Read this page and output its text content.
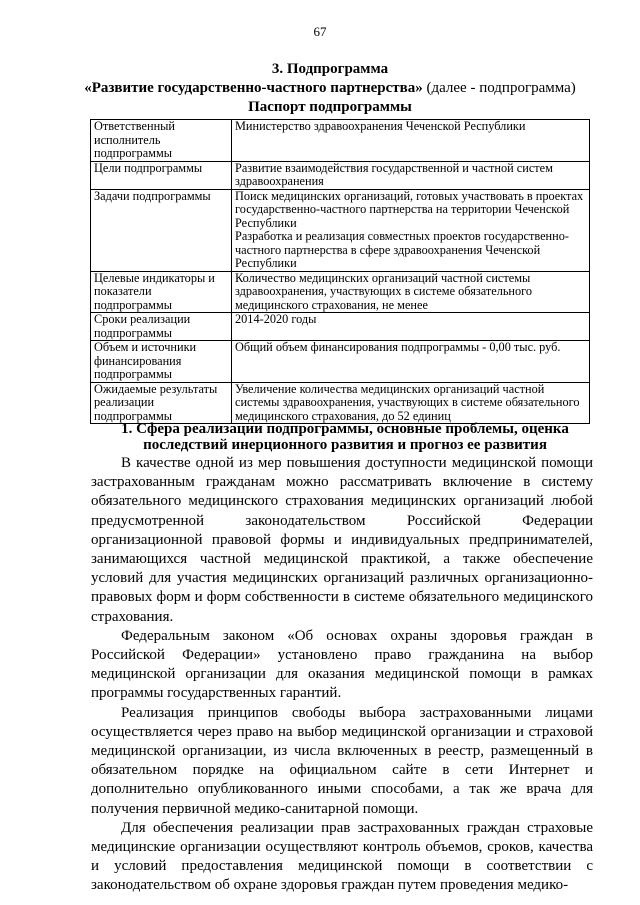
67
3. Подпрограмма
«Развитие государственно-частного партнерства» (далее - подпрограмма)
Паспорт подпрограммы
Ответственный исполнитель подпрограммы	Министерство здравоохранения Чеченской Республики
Цели подпрограммы	Развитие взаимодействия государственной и частной систем здравоохранения
Задачи подпрограммы	Поиск медицинских организаций, готовых участвовать в проектах государственно-частного партнерства на территории Чеченской Республики
Разработка и реализация совместных проектов государственно-частного партнерства в сфере здравоохранения Чеченской Республики

Целевые индикаторы и показатели подпрограммы	Количество медицинских организаций частной системы здравоохранения, участвующих в системе обязательного медицинского страхования, не менее
Сроки реализации подпрограммы	2014-2020 годы
Объем и источники финансирования подпрограммы	Общий объем финансирования подпрограммы - 0,00 тыс. руб.
Ожидаемые результаты реализации подпрограммы	Увеличение количества медицинских организаций частной системы здравоохранения, участвующих в системе обязательного медицинского страхования, до 52 единиц
1. Сфера реализации подпрограммы, основные проблемы, оценка последствий инерционного развития и прогноз ее развития

В качестве одной из мер повышения доступности медицинской помощи застрахованным гражданам можно рассматривать включение в систему обязательного медицинского страхования медицинских организаций любой предусмотренной законодательством Российской Федерации организационной правовой формы и индивидуальных предпринимателей, занимающихся частной медицинской практикой, а также обеспечение условий для участия медицинских организаций различных организационно-правовых форм и форм собственности в системе обязательного медицинского страхования.

Федеральным законом «Об основах охраны здоровья граждан в Российской Федерации» установлено право гражданина на выбор медицинской организации для оказания медицинской помощи в рамках программы государственных гарантий.

Реализация принципов свободы выбора застрахованными лицами осуществляется через право на выбор медицинской организации и страховой медицинской организации, из числа включенных в реестр, размещенный в обязательном порядке на официальном сайте в сети Интернет и дополнительно опубликованного иными способами, а так же врача для получения первичной медико-санитарной помощи.

Для обеспечения реализации прав застрахованных граждан страховые медицинские организации осуществляют контроль объемов, сроков, качества и условий предоставления медицинской помощи в соответствии с законодательством об охране здоровья граждан путем проведения медико-
